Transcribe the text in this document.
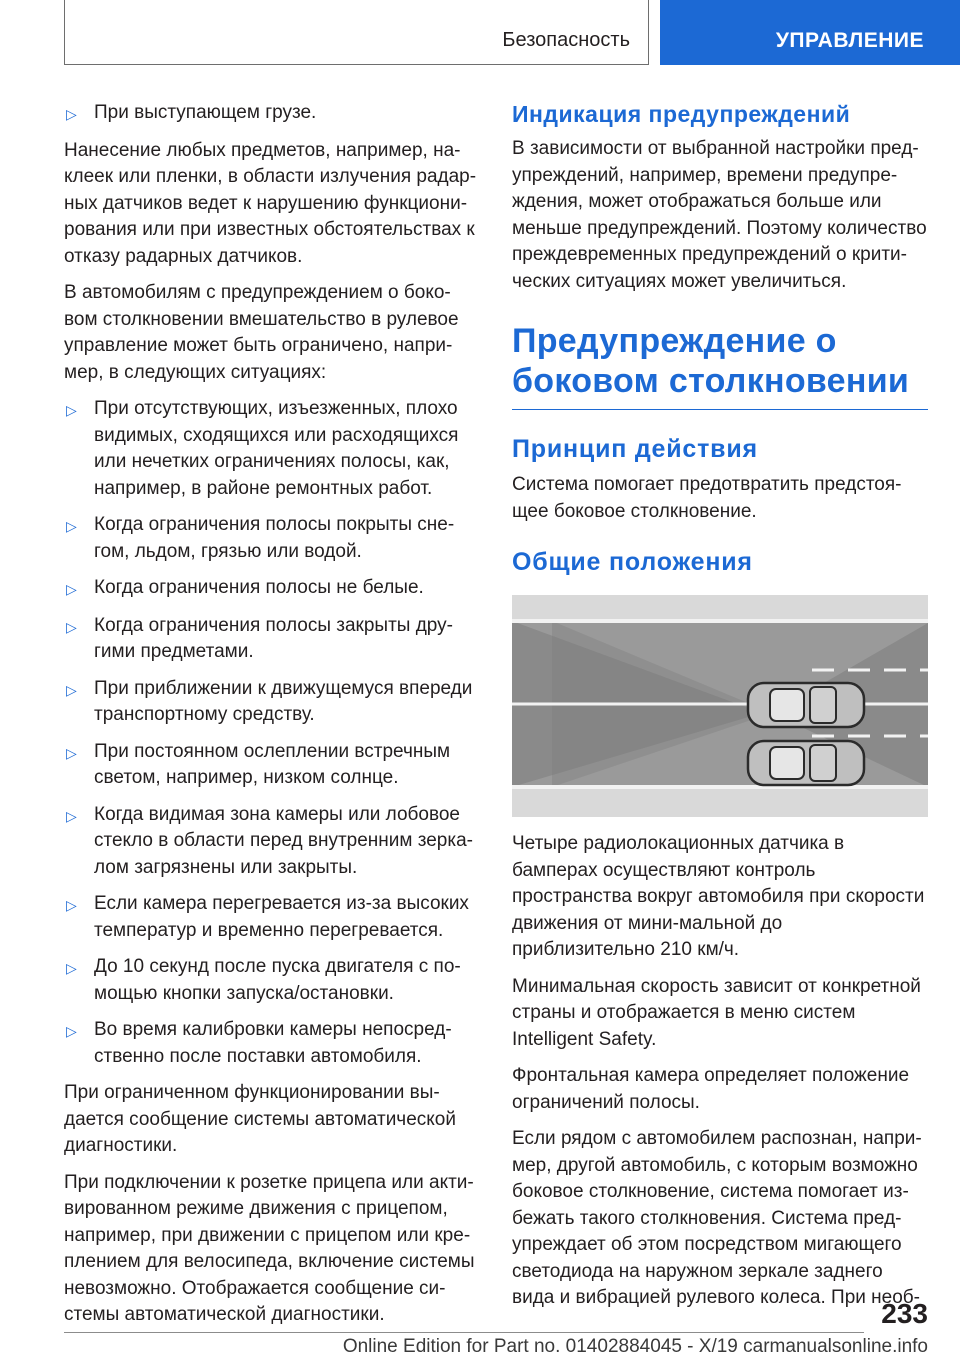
Безопасность	УПРАВЛЕНИЕ
▷ При выступающем грузе.

Нанесение любых предметов, например, на-клеек или пленки, в области излучения радар-ных датчиков ведет к нарушению функциони-рования или при известных обстоятельствах к отказу радарных датчиков.

В автомобилям с предупреждением о боко-вом столкновении вмешательство в рулевое управление может быть ограничено, напри-мер, в следующих ситуациях:

▷ При отсутствующих, изъезженных, плохо видимых, сходящихся или расходящихся или нечетких ограничениях полосы, как, например, в районе ремонтных работ.
▷ Когда ограничения полосы покрыты сне-гом, льдом, грязью или водой.
▷ Когда ограничения полосы не белые.
▷ Когда ограничения полосы закрыты дру-гими предметами.
▷ При приближении к движущемуся впереди транспортному средству.
▷ При постоянном ослеплении встречным светом, например, низком солнце.
▷ Когда видимая зона камеры или лобовое стекло в области перед внутренним зерка-лом загрязнены или закрыты.
▷ Если камера перегревается из-за высоких температур и временно перегревается.
▷ До 10 секунд после пуска двигателя с по-мощью кнопки запуска/остановки.
▷ Во время калибровки камеры непосред-ственно после поставки автомобиля.

При ограниченном функционировании вы-дается сообщение системы автоматической диагностики.

При подключении к розетке прицепа или акти-вированном режиме движения с прицепом, например, при движении с прицепом или кре-плением для велосипеда, включение системы невозможно. Отображается сообщение си-стемы автоматической диагностики.

Индикация предупреждений

В зависимости от выбранной настройки пред-упреждений, например, времени предупре-ждения, может отображаться больше или меньше предупреждений. Поэтому количество преждевременных предупреждений о крити-ческих ситуациях может увеличиться.

Предупреждение о боковом столкновении
Принцип действия

Система помогает предотвратить предстоя-щее боковое столкновение.

Общие положения

Четыре радиолокационных датчика в бамперах осуществляют контроль пространства вокруг автомобиля при скорости движения от мини-мальной до приблизительно 210 км/ч.

Минимальная скорость зависит от конкретной страны и отображается в меню систем Intelligent Safety.

Фронтальная камера определяет положение ограничений полосы.

Если рядом с автомобилем распознан, напри-мер, другой автомобиль, с которым возможно боковое столкновение, система помогает из-бежать такого столкновения. Система пред-упреждает об этом посредством мигающего светодиода на наружном зеркале заднего вида и вибрацией рулевого колеса. При необ-

233
Online Edition for Part no. 01402884045 - X/19 carmanualsonline.info
